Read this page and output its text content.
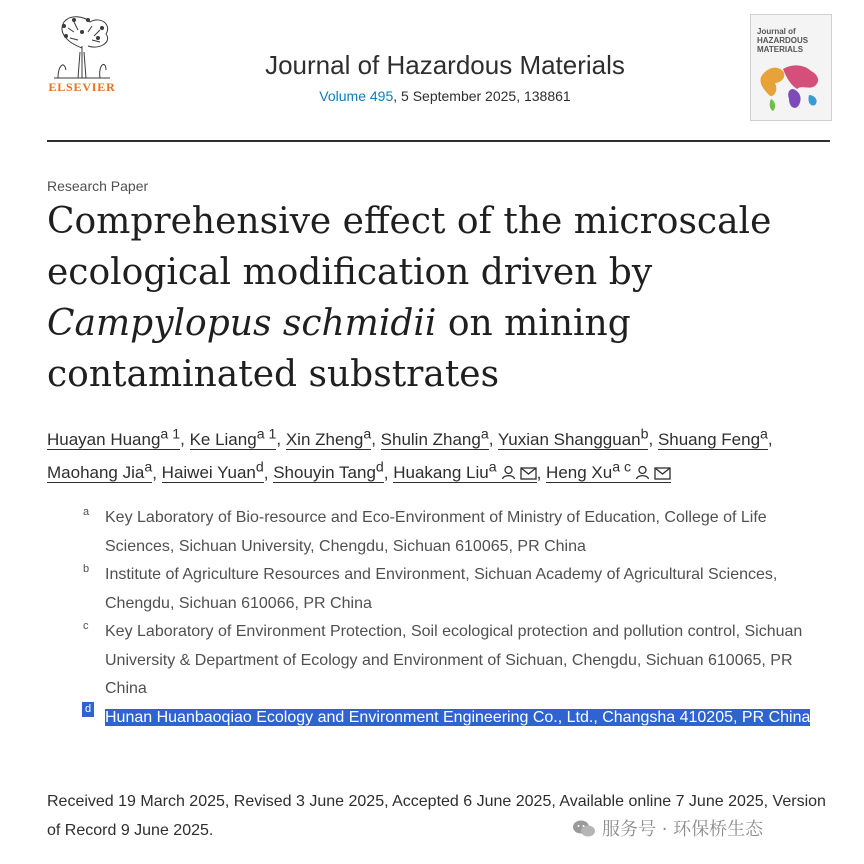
ELSEVIER
Journal of Hazardous Materials
Volume 495, 5 September 2025, 138861
Journal of HAZARDOUS MATERIALS
Research Paper
Comprehensive effect of the microscale ecological modification driven by
Campylopus schmidii on mining contaminated substrates
Huayan Huang$^{a 1}$, Ke Liang$^{a 1}$, Xin Zheng$^a$, Shulin Zhang$^a$, Yuxian Shangguan$^b$, Shuang Feng$^a$, Maohang Jia$^a$, Haiwei Yuan$^d$, Shouyin Tang$^d$, Huakang Liu$^a$ , Heng $Xu^{a c}$
a Key Laboratory of Bio-resource and Eco-Environment of Ministry of Education, College of Life Sciences, Sichuan University, Chengdu, Sichuan 610065, PR China
b Institute of Agriculture Resources and Environment, Sichuan Academy of Agricultural Sciences, Chengdu, Sichuan 610066, PR China
c Key Laboratory of Environment Protection, Soil ecological protection and pollution control, Sichuan University & Department of Ecology and Environment of Sichuan, Chengdu, Sichuan 610065, PR China
d Hunan Huanbaoqiao Ecology and Environment Engineering Co., Ltd., Changsha 410205, PR China
Received 19 March 2025, Revised 3 June 2025, Accepted 6 June 2025, Available online 7 June 2025, Version of Record 9 June 2025.	服务号 · 环保桥生态
